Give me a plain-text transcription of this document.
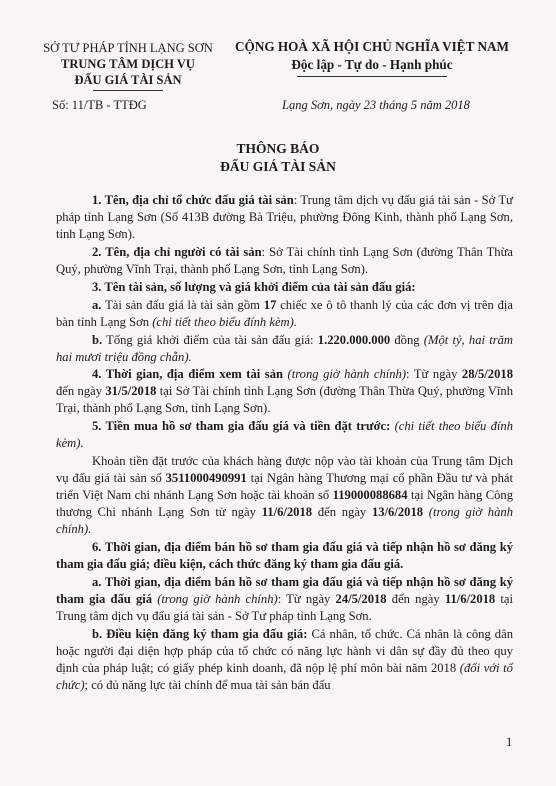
SỞ TƯ PHÁP TỈNH LẠNG SƠN
TRUNG TÂM DỊCH VỤ
ĐẤU GIÁ TÀI SẢN
CỘNG HOÀ XÃ HỘI CHỦ NGHĨA VIỆT NAM
Độc lập - Tự do - Hạnh phúc
Số: 11/TB - TTĐG	Lạng Sơn, ngày 23 tháng 5 năm 2018
THÔNG BÁO
ĐẤU GIÁ TÀI SẢN

1. Tên, địa chỉ tổ chức đấu giá tài sản: Trung tâm dịch vụ đấu giá tài sản - Sở Tư pháp tỉnh Lạng Sơn (Số 413B đường Bà Triệu, phường Đông Kinh, thành phố Lạng Sơn, tỉnh Lạng Sơn).

2. Tên, địa chỉ người có tài sản: Sở Tài chính tỉnh Lạng Sơn (đường Thân Thừa Quý, phường Vĩnh Trại, thành phố Lạng Sơn, tỉnh Lạng Sơn).

3. Tên tài sản, số lượng và giá khởi điểm của tài sản đấu giá:

a. Tài sản đấu giá là tài sản gồm 17 chiếc xe ô tô thanh lý của các đơn vị trên địa bàn tỉnh Lạng Sơn (chi tiết theo biểu đính kèm).

b. Tổng giá khởi điểm của tài sản đấu giá: 1.220.000.000 đồng (Một tỷ, hai trăm hai mươi triệu đồng chẵn).

4. Thời gian, địa điểm xem tài sản (trong giờ hành chính): Từ ngày 28/5/2018 đến ngày 31/5/2018 tại Sở Tài chính tỉnh Lạng Sơn (đường Thân Thừa Quý, phường Vĩnh Trại, thành phố Lạng Sơn, tỉnh Lạng Sơn).

5. Tiền mua hồ sơ tham gia đấu giá và tiền đặt trước: (chi tiết theo biểu đính kèm).

Khoản tiền đặt trước của khách hàng được nộp vào tài khoản của Trung tâm Dịch vụ đấu giá tài sản số 3511000490991 tại Ngân hàng Thương mại cổ phần Đầu tư và phát triển Việt Nam chi nhánh Lạng Sơn hoặc tài khoản số 119000088684 tại Ngân hàng Công thương Chi nhánh Lạng Sơn từ ngày 11/6/2018 đến ngày 13/6/2018 (trong giờ hành chính).

6. Thời gian, địa điểm bán hồ sơ tham gia đấu giá và tiếp nhận hồ sơ đăng ký tham gia đấu giá; điều kiện, cách thức đăng ký tham gia đấu giá.

a. Thời gian, địa điểm bán hồ sơ tham gia đấu giá và tiếp nhận hồ sơ đăng ký tham gia đấu giá (trong giờ hành chính): Từ ngày 24/5/2018 đến ngày 11/6/2018 tại Trung tâm dịch vụ đấu giá tài sản - Sở Tư pháp tỉnh Lạng Sơn.

b. Điều kiện đăng ký tham gia đấu giá: Cá nhân, tổ chức. Cá nhân là công dân hoặc người đại diện hợp pháp của tổ chức có năng lực hành vi dân sự đầy đủ theo quy định của pháp luật; có giấy phép kinh doanh, đã nộp lệ phí môn bài năm 2018 (đối với tổ chức); có đủ năng lực tài chính để mua tài sản bán đấu

1
